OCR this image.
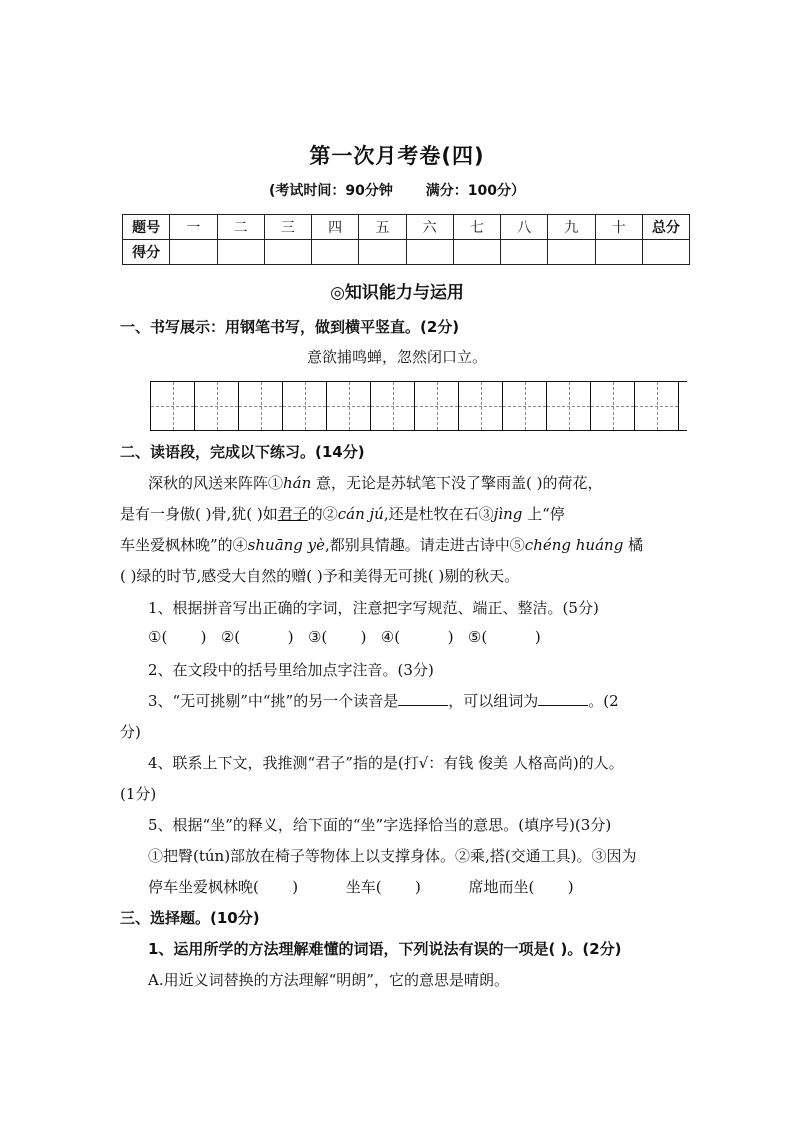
第一次月考卷(四)
(考试时间：90分钟 满分：100分）
题号	一	二	三	四	五	六	七	八	九	十	总分
得分											
◎知识能力与运用
一、书写展示：用钢笔书写，做到横平竖直。(2分)
意欲捕鸣蝉，忽然闭口立。
二、读语段，完成以下练习。(14分)
深秋的风送来阵阵①hán 意，无论是苏轼笔下没了擎雨盖( )的荷花，
是有一身傲( )骨,犹( )如君子的②cán jú,还是杜牧在石③jìng 上“停
车坐爱枫林晚”的④shuāng yè,都别具情趣。请走进古诗中⑤chéng huáng 橘
( )绿的时节,感受大自然的赠( )予和美得无可挑( )剔的秋天。
1、根据拼音写出正确的字词，注意把字写规范、端正、整洁。(5分)
①(       )   ②(          )   ③(       )   ④(          )   ⑤(          )
2、在文段中的括号里给加点字注音。(3分)
3、“无可挑剔”中“挑”的另一个读音是	，可以组词为	。(2
分)
4、联系上下文，我推测“君子”指的是(打√：有钱 俊美 人格高尚)的人。
(1分)
5、根据“坐”的释义，给下面的“坐”字选择恰当的意思。(填序号)(3分)
①把臀(tún)部放在椅子等物体上以支撑身体。②乘,搭(交通工具)。③因为
停车坐爱枫林晚(       )          坐车(       )          席地而坐(       )
三、选择题。(10分)
1、运用所学的方法理解难懂的词语，下列说法有误的一项是( )。(2分)
A.用近义词替换的方法理解“明朗”，它的意思是晴朗。
